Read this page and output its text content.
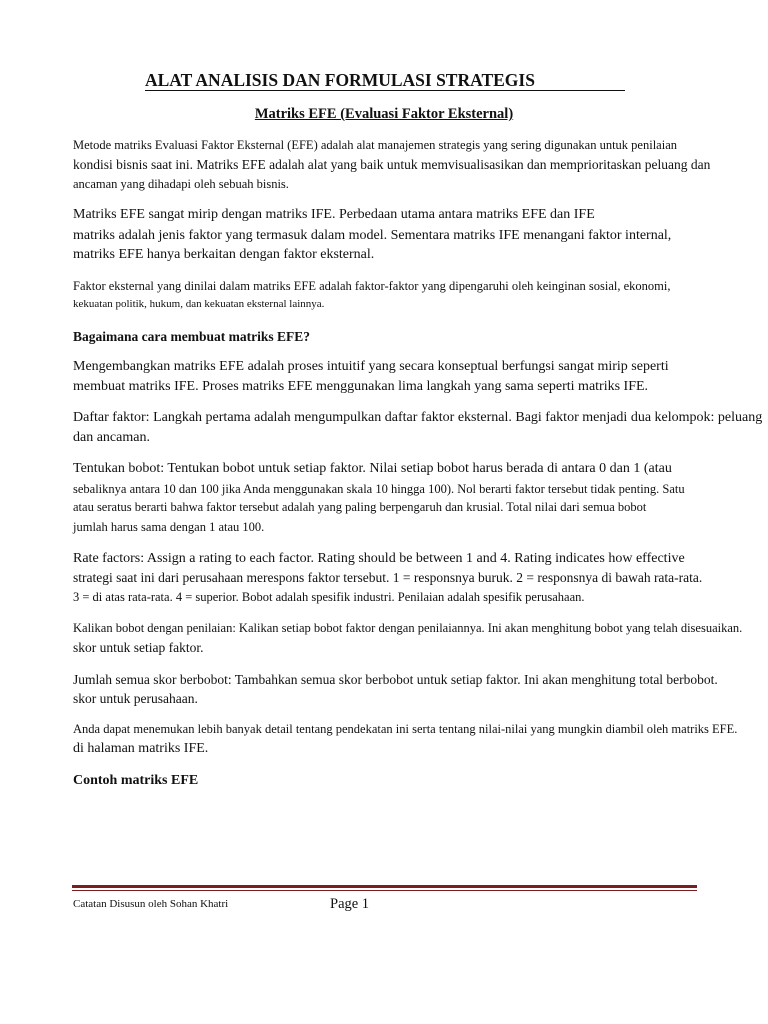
ALAT ANALISIS DAN FORMULASI STRATEGIS
Matriks EFE (Evaluasi Faktor Eksternal)
Metode matriks Evaluasi Faktor Eksternal (EFE) adalah alat manajemen strategis yang sering digunakan untuk penilaian
kondisi bisnis saat ini. Matriks EFE adalah alat yang baik untuk memvisualisasikan dan memprioritaskan peluang dan
ancaman yang dihadapi oleh sebuah bisnis.
Matriks EFE sangat mirip dengan matriks IFE. Perbedaan utama antara matriks EFE dan IFE
matriks adalah jenis faktor yang termasuk dalam model. Sementara matriks IFE menangani faktor internal,
matriks EFE hanya berkaitan dengan faktor eksternal.
Faktor eksternal yang dinilai dalam matriks EFE adalah faktor-faktor yang dipengaruhi oleh keinginan sosial, ekonomi,
kekuatan politik, hukum, dan kekuatan eksternal lainnya.
Bagaimana cara membuat matriks EFE?
Mengembangkan matriks EFE adalah proses intuitif yang secara konseptual berfungsi sangat mirip seperti
membuat matriks IFE. Proses matriks EFE menggunakan lima langkah yang sama seperti matriks IFE.
Daftar faktor: Langkah pertama adalah mengumpulkan daftar faktor eksternal. Bagi faktor menjadi dua kelompok: peluang
dan ancaman.
Tentukan bobot: Tentukan bobot untuk setiap faktor. Nilai setiap bobot harus berada di antara 0 dan 1 (atau
sebaliknya antara 10 dan 100 jika Anda menggunakan skala 10 hingga 100). Nol berarti faktor tersebut tidak penting. Satu
atau seratus berarti bahwa faktor tersebut adalah yang paling berpengaruh dan krusial. Total nilai dari semua bobot
jumlah harus sama dengan 1 atau 100.
Rate factors: Assign a rating to each factor. Rating should be between 1 and 4. Rating indicates how effective
strategi saat ini dari perusahaan merespons faktor tersebut. 1 = responsnya buruk. 2 = responsnya di bawah rata-rata.
3 = di atas rata-rata. 4 = superior. Bobot adalah spesifik industri. Penilaian adalah spesifik perusahaan.
Kalikan bobot dengan penilaian: Kalikan setiap bobot faktor dengan penilaiannya. Ini akan menghitung bobot yang telah disesuaikan.
skor untuk setiap faktor.
Jumlah semua skor berbobot: Tambahkan semua skor berbobot untuk setiap faktor. Ini akan menghitung total berbobot.
skor untuk perusahaan.
Anda dapat menemukan lebih banyak detail tentang pendekatan ini serta tentang nilai-nilai yang mungkin diambil oleh matriks EFE.
di halaman matriks IFE.
Contoh matriks EFE
Catatan Disusun oleh Sohan Khatri	Page 1
